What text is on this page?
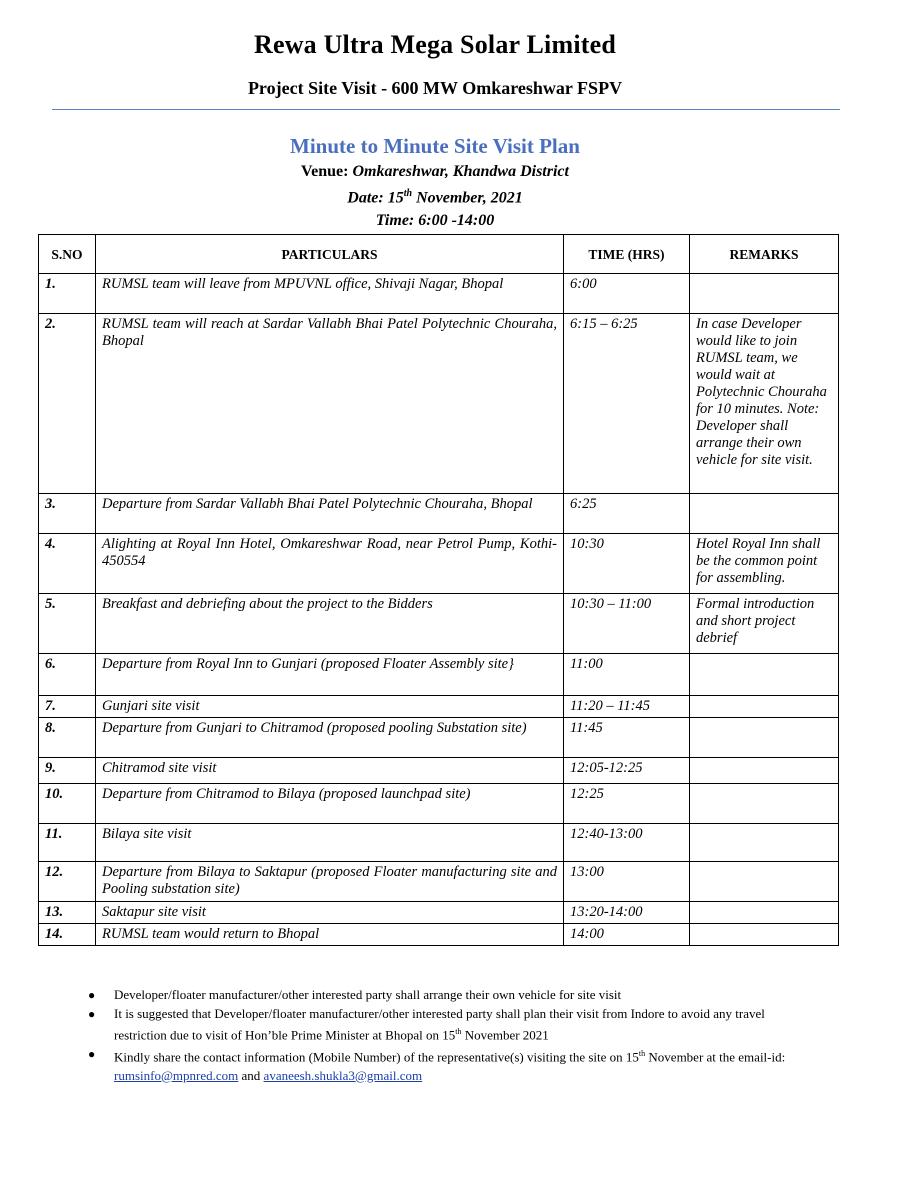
Rewa Ultra Mega Solar Limited
Project Site Visit - 600 MW Omkareshwar FSPV
Minute to Minute Site Visit Plan
Venue: Omkareshwar, Khandwa District
Date: 15th November, 2021
Time: 6:00 -14:00
S.NO	PARTICULARS	TIME (HRS)	REMARKS
1.	RUMSL team will leave from MPUVNL office, Shivaji Nagar, Bhopal	6:00	
2.	RUMSL team will reach at Sardar Vallabh Bhai Patel Polytechnic Chouraha, Bhopal	6:15 – 6:25	In case Developer would like to join RUMSL team, we would wait at Polytechnic Chouraha for 10 minutes. Note: Developer shall arrange their own vehicle for site visit.
3.	Departure from Sardar Vallabh Bhai Patel Polytechnic Chouraha, Bhopal	6:25	
4.	Alighting at Royal Inn Hotel, Omkareshwar Road, near Petrol Pump, Kothi- 450554	10:30	Hotel Royal Inn shall be the common point for assembling.
5.	Breakfast and debriefing about the project to the Bidders	10:30 – 11:00	Formal introduction and short project debrief
6.	Departure from Royal Inn to Gunjari (proposed Floater Assembly site}	11:00	
7.	Gunjari site visit	11:20 – 11:45	
8.	Departure from Gunjari to Chitramod (proposed pooling Substation site)	11:45	
9.	Chitramod site visit	12:05-12:25	
10.	Departure from Chitramod to Bilaya (proposed launchpad site)	12:25	
11.	Bilaya site visit	12:40-13:00	
12.	Departure from Bilaya to Saktapur (proposed Floater manufacturing site and Pooling substation site)	13:00	
13.	Saktapur site visit	13:20-14:00	
14.	RUMSL team would return to Bhopal	14:00	
● Developer/floater manufacturer/other interested party shall arrange their own vehicle for site visit
● It is suggested that Developer/floater manufacturer/other interested party shall plan their visit from Indore to avoid any travel restriction due to visit of Hon’ble Prime Minister at Bhopal on 15th November 2021
● Kindly share the contact information (Mobile Number) of the representative(s) visiting the site on 15th November at the email-id: rumsinfo@mpnred.com and avaneesh.shukla3@gmail.com
